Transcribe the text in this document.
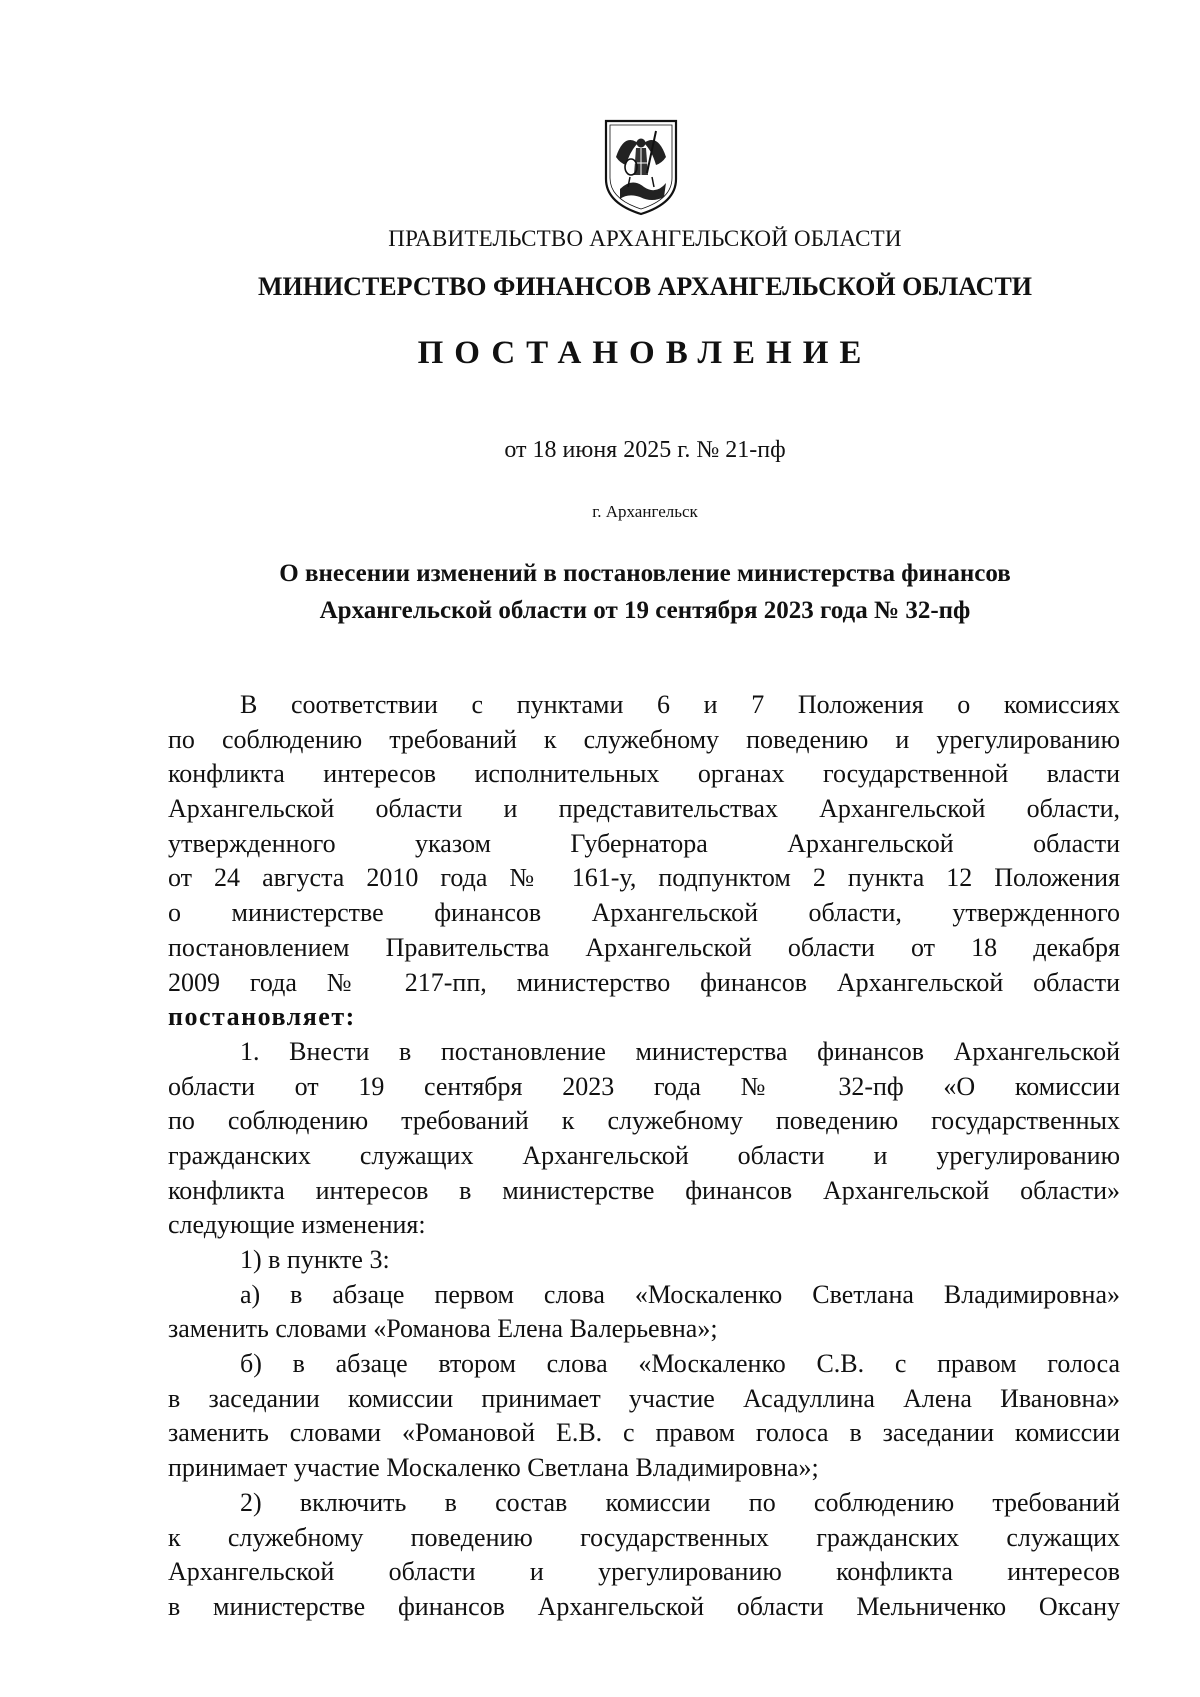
ПРАВИТЕЛЬСТВО АРХАНГЕЛЬСКОЙ ОБЛАСТИ
МИНИСТЕРСТВО ФИНАНСОВ АРХАНГЕЛЬСКОЙ ОБЛАСТИ
ПОСТАНОВЛЕНИЕ
от 18 июня 2025 г. № 21-пф
г. Архангельск
О внесении изменений в постановление министерства финансов
Архангельской области от 19 сентября 2023 года № 32-пф
В соответствии с пунктами 6 и 7 Положения о комиссиях
по соблюдению требований к служебному поведению и урегулированию
конфликта интересов исполнительных органах государственной власти
Архангельской области и представительствах Архангельской области,
утвержденного указом Губернатора Архангельской области
от 24 августа 2010 года № 161-у, подпунктом 2 пункта 12 Положения
о министерстве финансов Архангельской области, утвержденного
постановлением Правительства Архангельской области от 18 декабря
2009 года № 217-пп, министерство финансов Архангельской области
постановляет:
1. Внести в постановление министерства финансов Архангельской
области от 19 сентября 2023 года № 32-пф «О комиссии
по соблюдению требований к служебному поведению государственных
гражданских служащих Архангельской области и урегулированию
конфликта интересов в министерстве финансов Архангельской области»
следующие изменения:
1) в пункте 3:
а) в абзаце первом слова «Москаленко Светлана Владимировна»
заменить словами «Романова Елена Валерьевна»;
б) в абзаце втором слова «Москаленко С.В. с правом голоса
в заседании комиссии принимает участие Асадуллина Алена Ивановна»
заменить словами «Романовой Е.В. с правом голоса в заседании комиссии
принимает участие Москаленко Светлана Владимировна»;
2) включить в состав комиссии по соблюдению требований
к служебному поведению государственных гражданских служащих
Архангельской области и урегулированию конфликта интересов
в министерстве финансов Архангельской области Мельниченко Оксану
